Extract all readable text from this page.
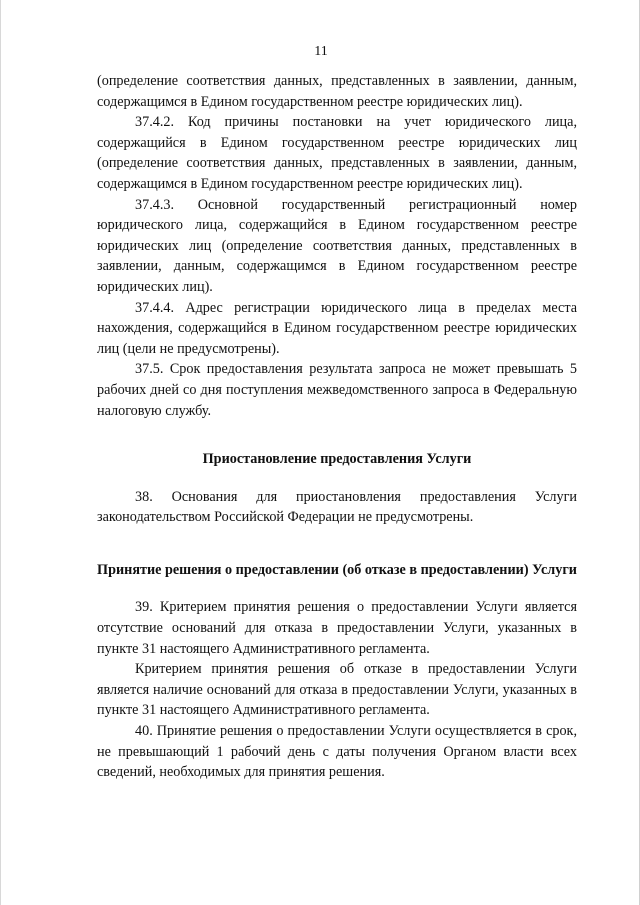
11

(определение соответствия данных, представленных в заявлении, данным, содержащимся в Едином государственном реестре юридических лиц).

37.4.2. Код причины постановки на учет юридического лица, содержащийся в Едином государственном реестре юридических лиц (определение соответствия данных, представленных в заявлении, данным, содержащимся в Едином государственном реестре юридических лиц).

37.4.3. Основной государственный регистрационный номер юридического лица, содержащийся в Едином государственном реестре юридических лиц (определение соответствия данных, представленных в заявлении, данным, содержащимся в Едином государственном реестре юридических лиц).

37.4.4. Адрес регистрации юридического лица в пределах места нахождения, содержащийся в Едином государственном реестре юридических лиц (цели не предусмотрены).

37.5. Срок предоставления результата запроса не может превышать 5 рабочих дней со дня поступления межведомственного запроса в Федеральную налоговую службу.

Приостановление предоставления Услуги

38. Основания для приостановления предоставления Услуги законодательством Российской Федерации не предусмотрены.

Принятие решения о предоставлении (об отказе в предоставлении) Услуги

39. Критерием принятия решения о предоставлении Услуги является отсутствие оснований для отказа в предоставлении Услуги, указанных в пункте 31 настоящего Административного регламента.

Критерием принятия решения об отказе в предоставлении Услуги является наличие оснований для отказа в предоставлении Услуги, указанных в пункте 31 настоящего Административного регламента.

40. Принятие решения о предоставлении Услуги осуществляется в срок, не превышающий 1 рабочий день с даты получения Органом власти всех сведений, необходимых для принятия решения.
